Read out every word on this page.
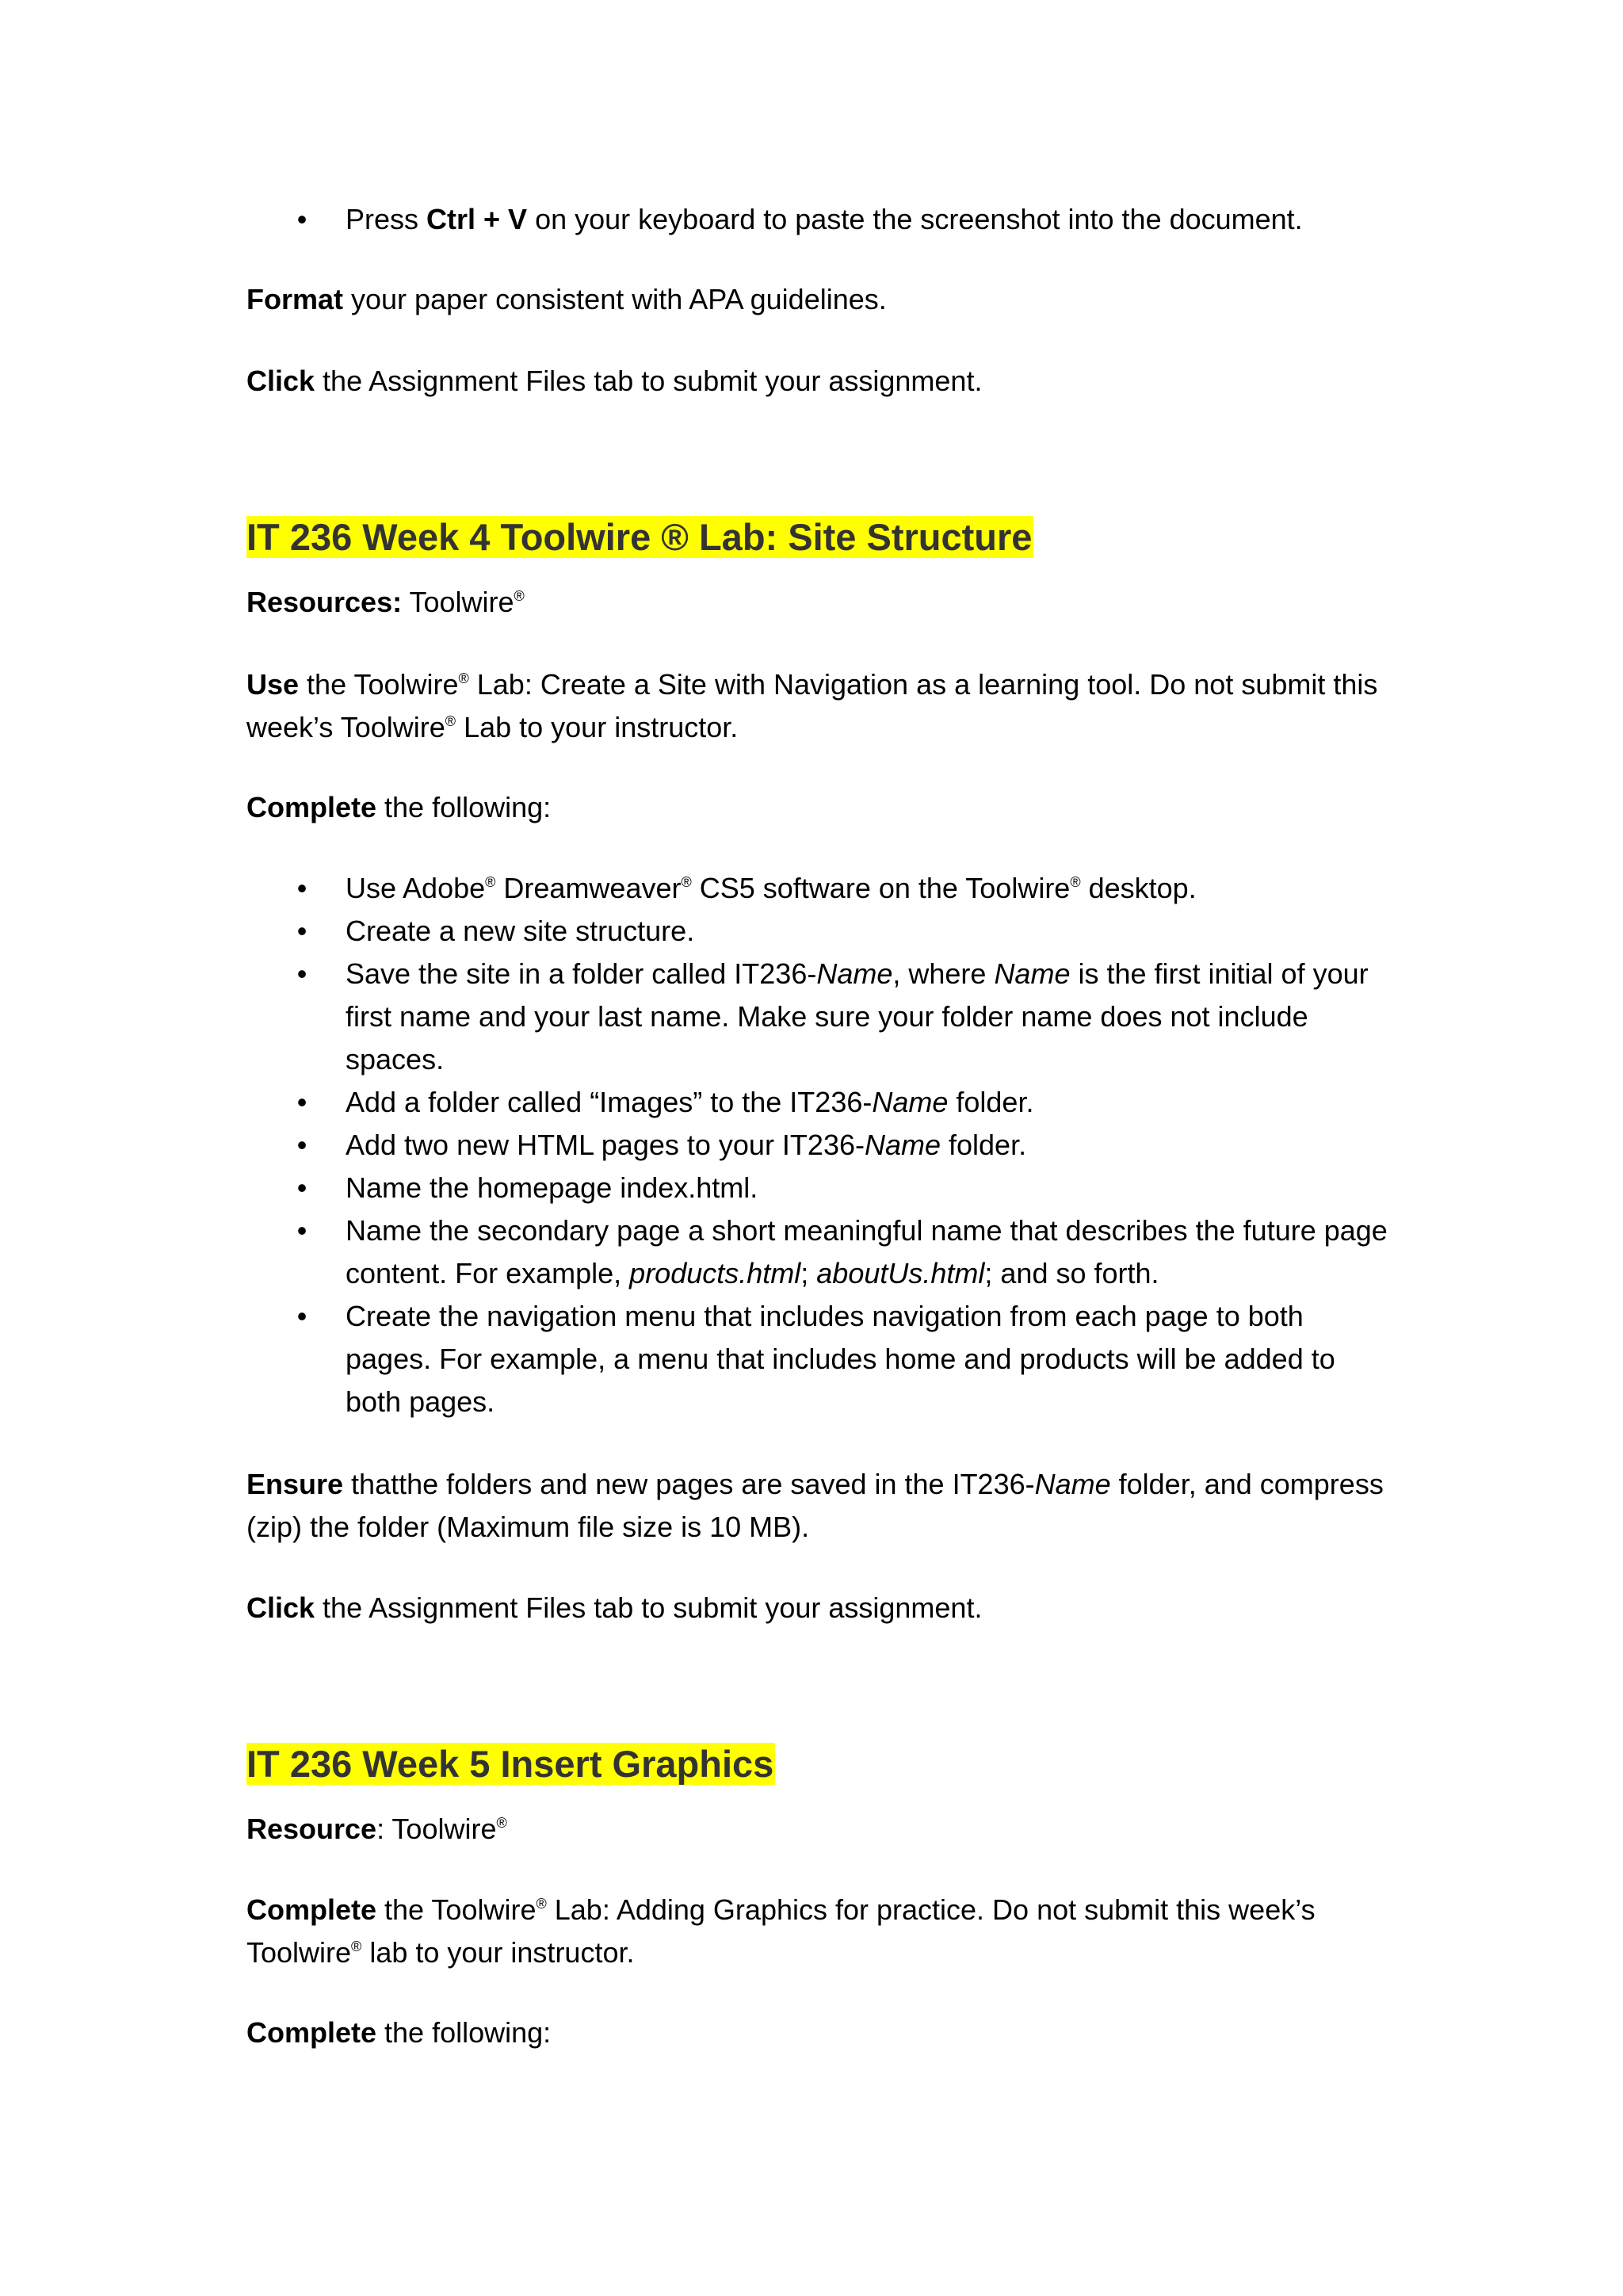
• Press Ctrl + V on your keyboard to paste the screenshot into the document.

Format your paper consistent with APA guidelines.

Click the Assignment Files tab to submit your assignment.

IT 236 Week 4 Toolwire ® Lab: Site Structure

Resources: Toolwire®

Use the Toolwire® Lab: Create a Site with Navigation as a learning tool. Do not submit this week’s Toolwire® Lab to your instructor.

Complete the following:

• Use Adobe® Dreamweaver® CS5 software on the Toolwire® desktop.

• Create a new site structure.

• Save the site in a folder called IT236-Name, where Name is the first initial of your first name and your last name. Make sure your folder name does not include spaces.

• Add a folder called “Images” to the IT236-Name folder.

• Add two new HTML pages to your IT236-Name folder.

• Name the homepage index.html.

• Name the secondary page a short meaningful name that describes the future page content. For example, products.html; aboutUs.html; and so forth.

• Create the navigation menu that includes navigation from each page to both pages. For example, a menu that includes home and products will be added to both pages.

Ensure thatthe folders and new pages are saved in the IT236-Name folder, and compress (zip) the folder (Maximum file size is 10 MB).

Click the Assignment Files tab to submit your assignment.

IT 236 Week 5 Insert Graphics

Resource: Toolwire®

Complete the Toolwire® Lab: Adding Graphics for practice. Do not submit this week’s Toolwire® lab to your instructor.

Complete the following:
